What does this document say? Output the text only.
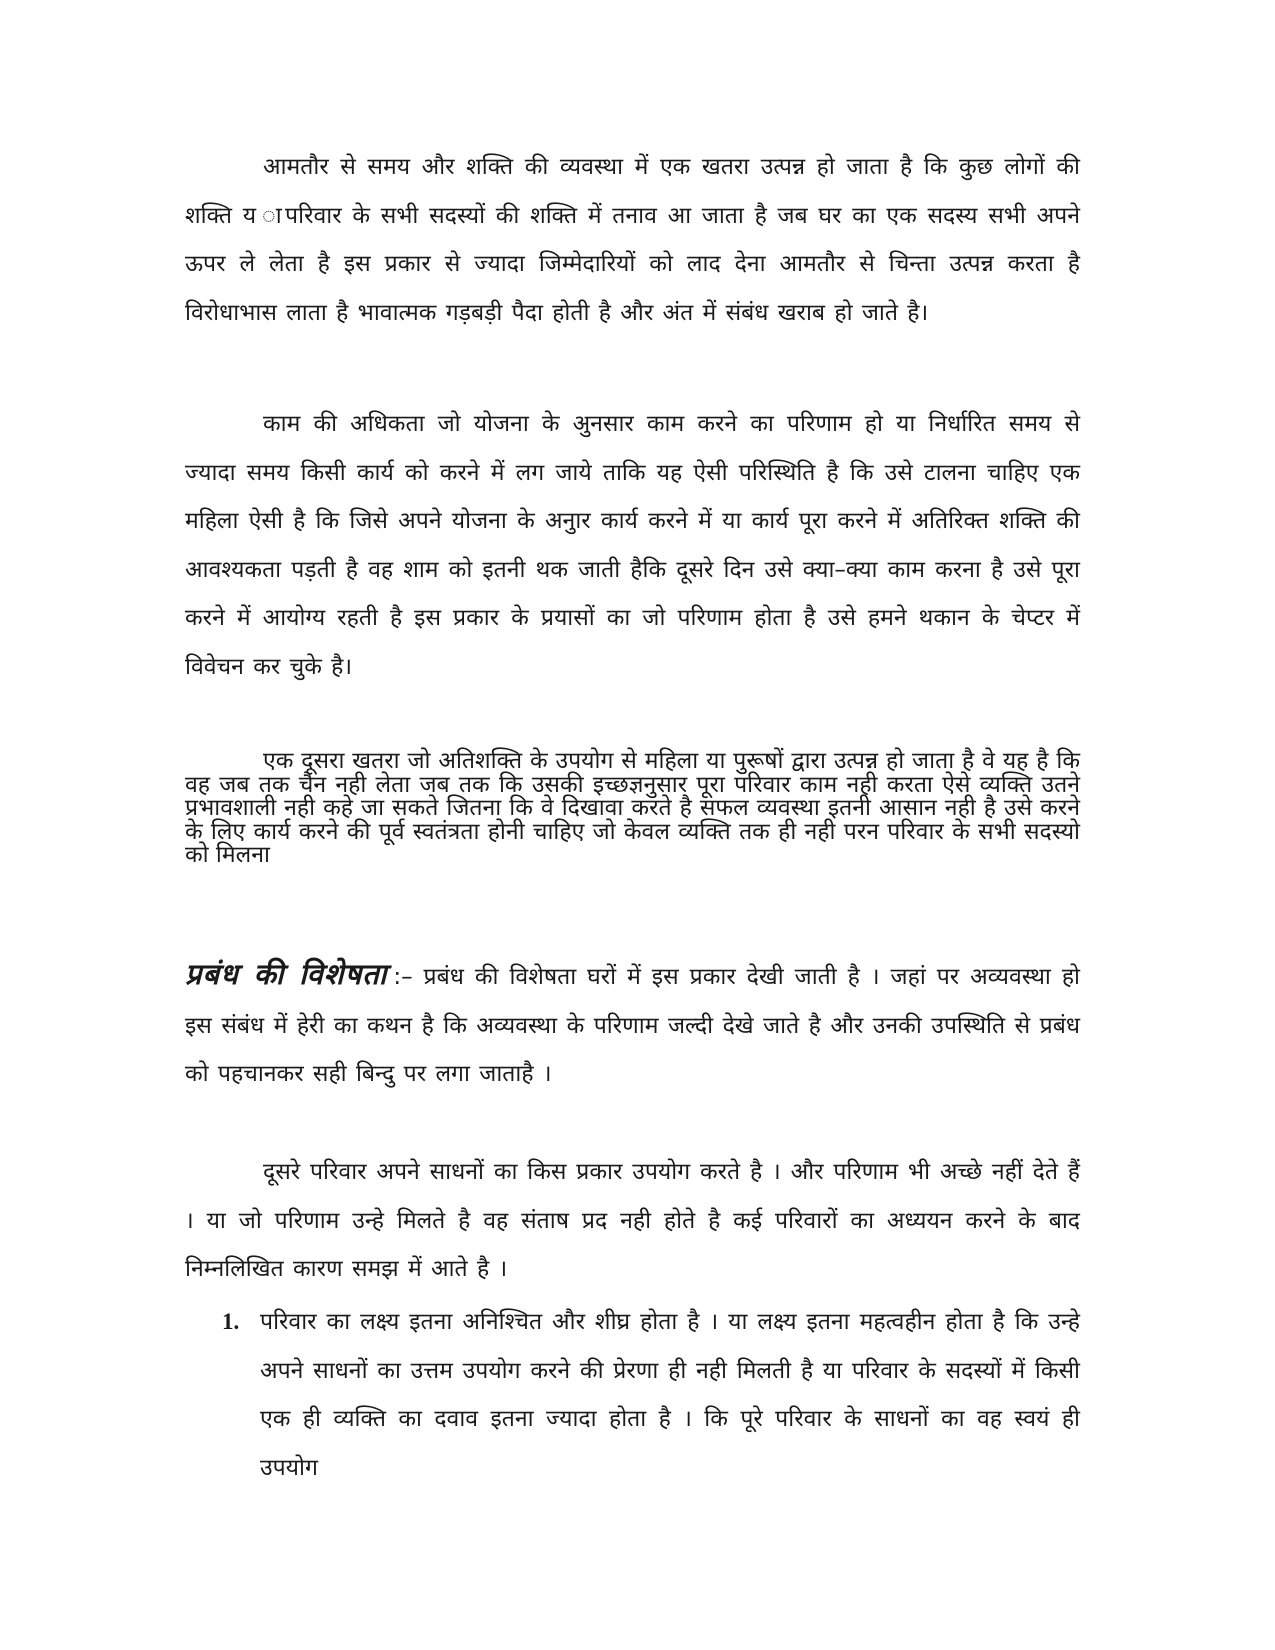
आमतौर से समय और शक्ति की व्यवस्था में एक खतरा उत्पन्न हो जाता है कि कुछ लोगों की शक्ति य ापरिवार के सभी सदस्यों की शक्ति में तनाव आ जाता है जब घर का एक सदस्य सभी अपने ऊपर ले लेता है इस प्रकार से ज्यादा जिम्मेदारियों को लाद देना आमतौर से चिन्ता उत्पन्न करता है विरोधाभास लाता है भावात्मक गड़बड़ी पैदा होती है और अंत में संबंध खराब हो जाते है।

काम की अधिकता जो योजना के अुनसार काम करने का परिणाम हो या निर्धारित समय से ज्यादा समय किसी कार्य को करने में लग जाये ताकि यह ऐसी परिस्थिति है कि उसे टालना चाहिए एक महिला ऐसी है कि जिसे अपने योजना के अनुार कार्य करने में या कार्य पूरा करने में अतिरिक्त शक्ति की आवश्यकता पड़ती है वह शाम को इतनी थक जाती हैकि दूसरे दिन उसे क्या–क्या काम करना है उसे पूरा करने में आयोग्य रहती है इस प्रकार के प्रयासों का जो परिणाम होता है उसे हमने थकान के चेप्टर में विवेचन कर चुके है।

एक दूसरा खतरा जो अतिशक्ति के उपयोग से महिला या पुरूषों द्वारा उत्पन्न हो जाता है वे यह है कि वह जब तक चैन नही लेता जब तक कि उसकी इच्छज्ञनुसार पूरा परिवार काम नही करता ऐसे व्यक्ति उतने प्रभावशाली नही कहे जा सकते जितना कि वे दिखावा करते है सफल व्यवस्था इतनी आसान नही है उसे करने के लिए कार्य करने की पूर्व स्वतंत्रता होनी चाहिए जो केवल व्यक्ति तक ही नही परन परिवार के सभी सदस्यो को मिलना

प्रबंध की विशेषता :– प्रबंध की विशेषता घरों में इस प्रकार देखी जाती है । जहां पर अव्यवस्था हो इस संबंध में हेरी का कथन है कि अव्यवस्था के परिणाम जल्दी देखे जाते है और उनकी उपस्थिति से प्रबंध को पहचानकर सही बिन्दु पर लगा जाताहै ।

दूसरे परिवार अपने साधनों का किस प्रकार उपयोग करते है । और परिणाम भी अच्छे नहीं देते हैं । या जो परिणाम उन्हे मिलते है वह संताष प्रद नही होते है कई परिवारों का अध्ययन करने के बाद निम्नलिखित कारण समझ में आते है ।

1. परिवार का लक्ष्य इतना अनिश्चित और शीघ्र होता है । या लक्ष्य इतना महत्वहीन होता है कि उन्हे अपने साधनों का उत्तम उपयोग करने की प्रेरणा ही नही मिलती है या परिवार के सदस्यों में किसी एक ही व्यक्ति का दवाव इतना ज्यादा होता है । कि पूरे परिवार के साधनों का वह स्वयं ही उपयोग
